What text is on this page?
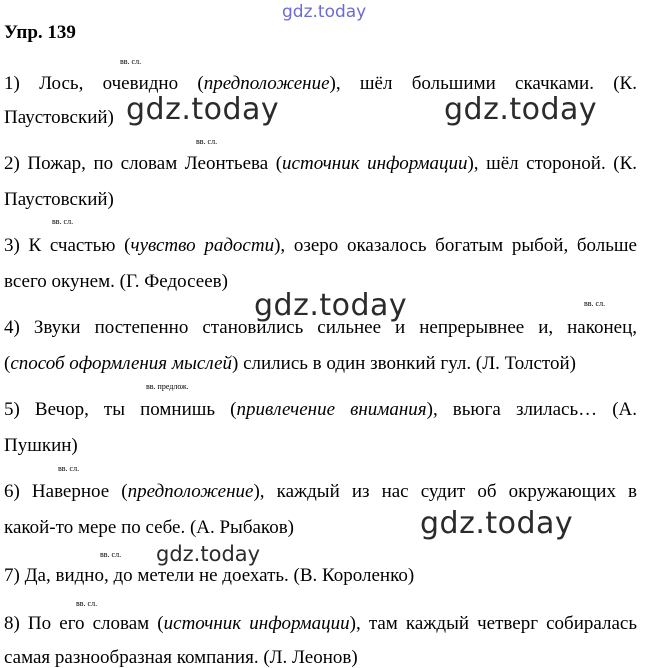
gdz.today
Упр. 139
вв. сл.
1) Лось, очевидно (предположение), шёл большими скачками. (К.
Паустовский)
вв. сл.
2) Пожар, по словам Леонтьева (источник информации), шёл стороной. (К.
Паустовский)
вв. сл.
3) К счастью (чувство радости), озеро оказалось богатым рыбой, больше
всего окунем. (Г. Федосеев)
вв. сл.
4) Звуки постепенно становились сильнее и непрерывнее и, наконец,
(способ оформления мыслей) слились в один звонкий гул. (Л. Толстой)
вв. предлож.
5) Вечор, ты помнишь (привлечение внимания), вьюга злилась… (А.
Пушкин)
вв. сл.
6) Наверное (предположение), каждый из нас судит об окружающих в
какой-то мере по себе. (А. Рыбаков)
вв. сл.
7) Да, видно, до метели не доехать. (В. Короленко)
вв. сл.
8) По его словам (источник информации), там каждый четверг собиралась
самая разнообразная компания. (Л. Леонов)
gdz.today	gdz.today
gdz.today
gdz.today
gdz.today
